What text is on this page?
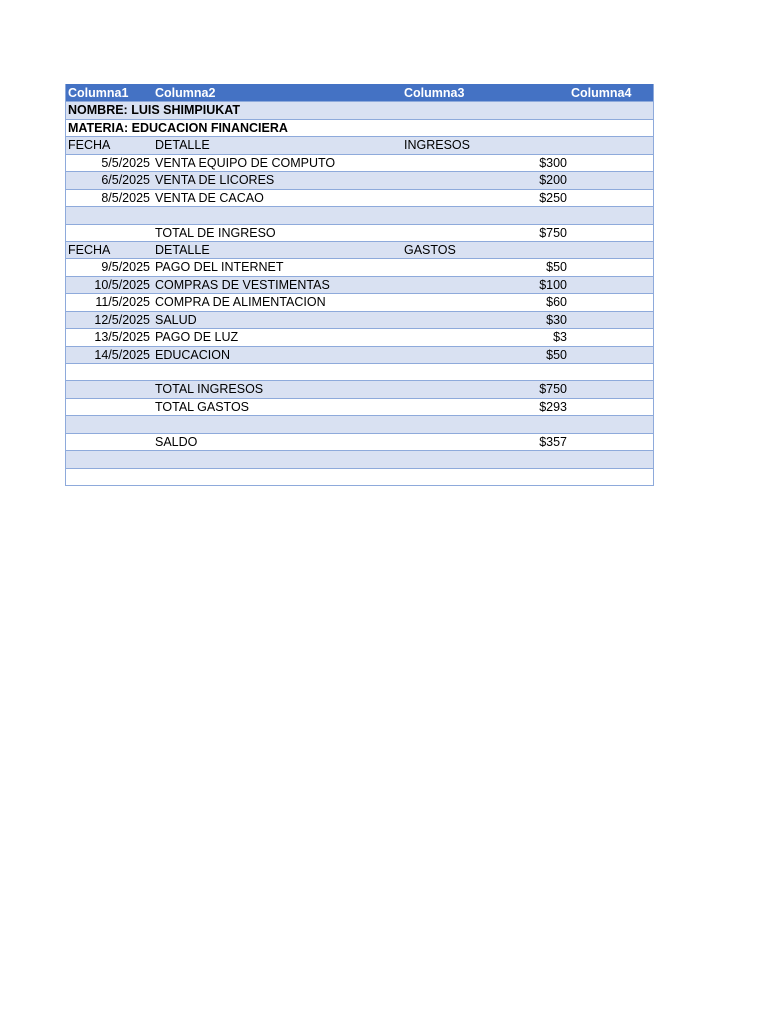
Columna1 Columna2	Columna3	Columna4
NOMBRE: LUIS SHIMPIUKAT
MATERIA: EDUCACION FINANCIERA
FECHA	DETALLE	INGRESOS
5/5/2025 VENTA EQUIPO DE COMPUTO	$300
6/5/2025 VENTA DE LICORES	$200
8/5/2025 VENTA DE CACAO	$250
TOTAL DE INGRESO	$750
FECHA	DETALLE	GASTOS
9/5/2025 PAGO DEL INTERNET	$50
10/5/2025 COMPRAS DE VESTIMENTAS	$100
11/5/2025 COMPRA DE ALIMENTACION	$60
12/5/2025 SALUD	$30
13/5/2025 PAGO DE LUZ	$3
14/5/2025 EDUCACION	$50
TOTAL INGRESOS	$750
TOTAL GASTOS	$293
SALDO	$357
